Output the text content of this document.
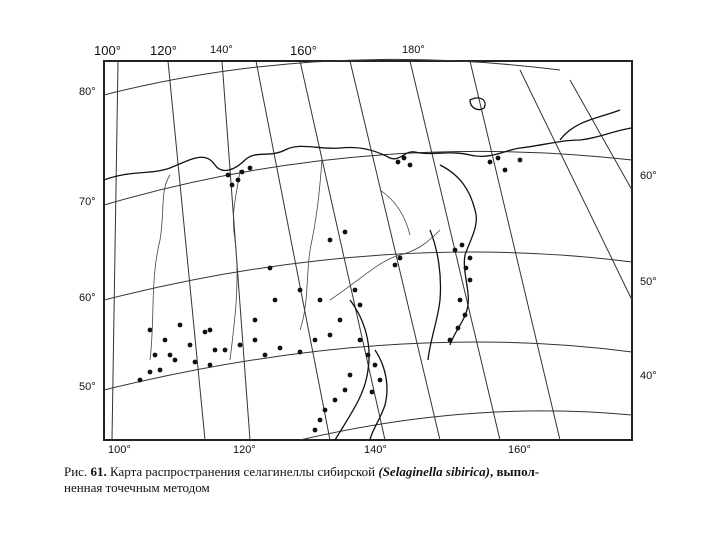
100° 120°	140°	160°	180°
80°
70°
60°
50°
60°
50°
40°
100°	120°	140°	160°
Рис. 61. Карта распространения селагинеллы сибирской (Selaginella sibirica), выпол-
ненная точечным методом
